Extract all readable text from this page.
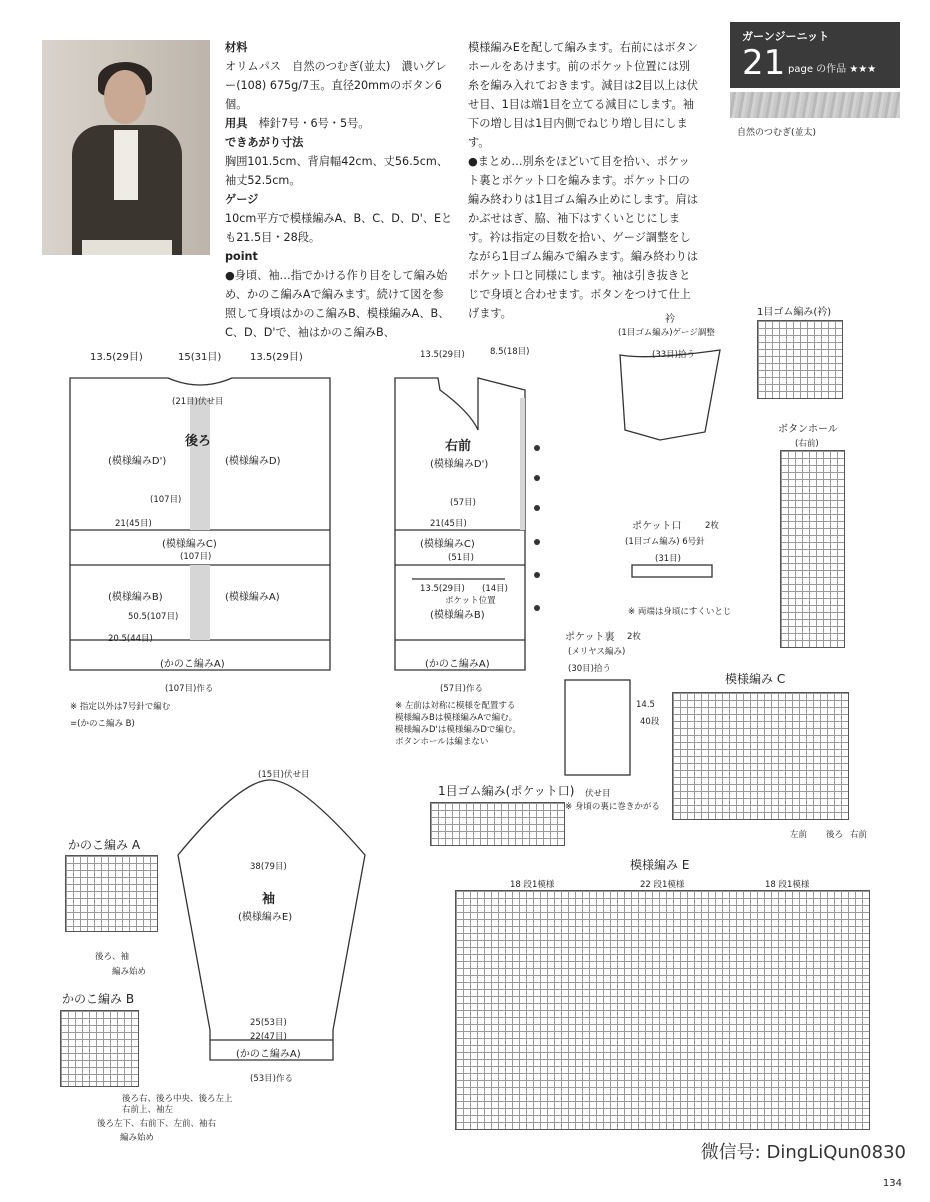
材料

オリムパス　自然のつむぎ(並太)　濃いグレー(108) 675g/7玉。直径20mmのボタン6個。

用具　 棒針7号・6号・5号。

できあがり寸法

胸囲101.5cm、背肩幅42cm、丈56.5cm、袖丈52.5cm。

ゲージ

10cm平方で模様編みA、B、C、D、D'、Eとも21.5目・28段。

point

●身頃、袖…指でかける作り目をして編み始め、かのこ編みAで編みます。続けて図を参照して身頃はかのこ編みB、模様編みA、B、C、D、D'で、袖はかのこ編みB、

模様編みEを配して編みます。右前にはボタンホールをあけます。前のポケット位置には別糸を編み入れておきます。減目は2目以上は伏せ目、1目は端1目を立てる減目にします。袖下の増し目は1目内側でねじり増し目にします。

●まとめ…別糸をほどいて目を拾い、ポケット裏とポケット口を編みます。ポケット口の編み終わりは1目ゴム編み止めにします。肩はかぶせはぎ、脇、袖下はすくいとじにします。衿は指定の目数を拾い、ゲージ調整をしながら1目ゴム編みで編みます。編み終わりはポケット口と同様にします。袖は引き抜きとじで身頃と合わせます。ボタンをつけて仕上げます。

ガーンジーニット
21 page の作品 ★★★
自然のつむぎ(並太)
13.5(29目)	15(31目)	13.5(29目)
(21目)伏せ目
後ろ
(模様編みD')	(模様編みD)
(107目)
21(45目)
(模様編みC)
(107目)
(模様編みB)	(模様編みA)
50.5(107目)
20.5(44目)
(かのこ編みA)
(107目)作る
※ 指定以外は7号針で編む
=(かのこ編み B)
13.5(29目)	8.5(18目)
右前
(模様編みD')
(57目)
21(45目)
(模様編みC)
(51目)
13.5(29目) (14目)
ポケット位置
(模様編みB)
(かのこ編みA)
(57目)作る
※ 左前は対称に模様を配置する
模様編みBは模様編みAで編む。
模様編みD'は模様編みDで編む。
ボタンホールは編まない
(15目)伏せ目
38(79目)
袖
(模様編みE)
25(53目)
22(47目)
(かのこ編みA)
(53目)作る
衿
(1目ゴム編み)ゲージ調整
(33目)拾う
ポケット口	2枚
(1目ゴム編み) 6号針
(31目)
※ 両端は身頃にすくいとじ
ポケット裏 2枚
(メリヤス編み)
(30目)拾う
14.5
40段
伏せ目
※ 身頃の裏に巻きかがる
1目ゴム編み(衿)
ボタンホール
(右前)
模様編み C
左前 後ろ 右前
1目ゴム編み(ポケット口)
模様編み E
18 段1模様	22 段1模様	18 段1模様
かのこ編み A
後ろ、袖
編み始め
かのこ編み B
後ろ右、後ろ中央、後ろ左上
右前上、袖左
後ろ左下、右前下、左前、袖右
編み始め
微信号: DingLiQun0830
134
